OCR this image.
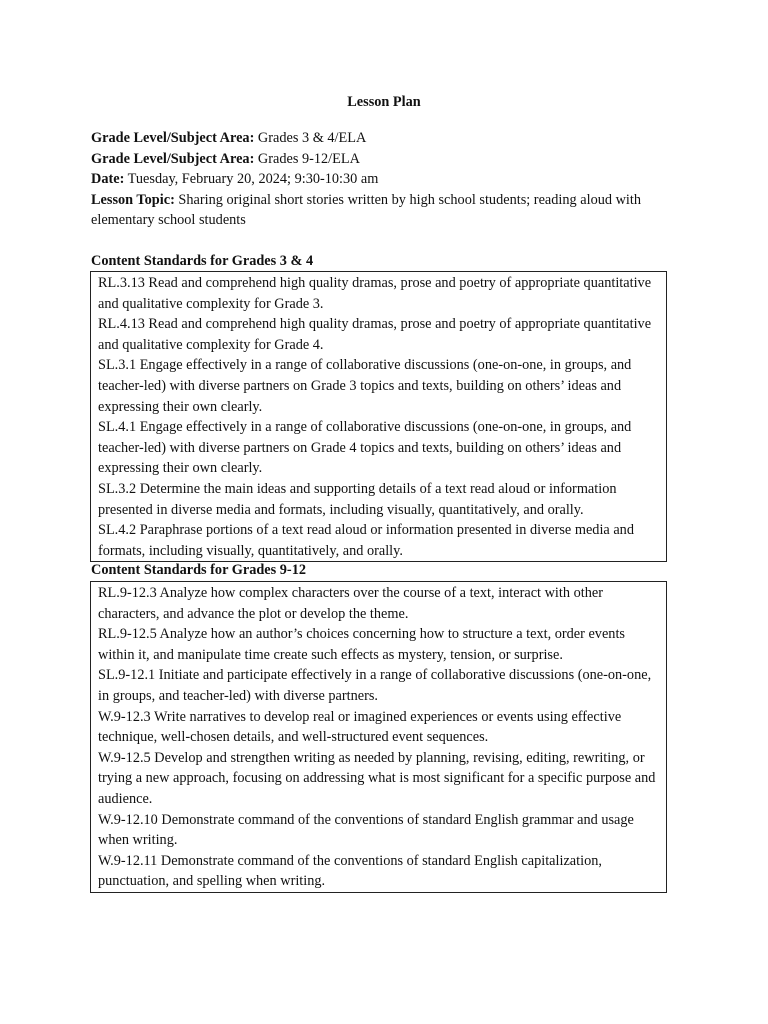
Lesson Plan

Grade Level/Subject Area: Grades 3 & 4/ELA

Grade Level/Subject Area: Grades 9-12/ELA

Date: Tuesday, February 20, 2024; 9:30-10:30 am

Lesson Topic: Sharing original short stories written by high school students; reading aloud with elementary school students

Content Standards for Grades 3 & 4

RL.3.13 Read and comprehend high quality dramas, prose and poetry of appropriate quantitative and qualitative complexity for Grade 3.

RL.4.13 Read and comprehend high quality dramas, prose and poetry of appropriate quantitative and qualitative complexity for Grade 4.

SL.3.1 Engage effectively in a range of collaborative discussions (one-on-one, in groups, and teacher-led) with diverse partners on Grade 3 topics and texts, building on others’ ideas and expressing their own clearly.

SL.4.1 Engage effectively in a range of collaborative discussions (one-on-one, in groups, and teacher-led) with diverse partners on Grade 4 topics and texts, building on others’ ideas and expressing their own clearly.

SL.3.2 Determine the main ideas and supporting details of a text read aloud or information presented in diverse media and formats, including visually, quantitatively, and orally.

SL.4.2 Paraphrase portions of a text read aloud or information presented in diverse media and formats, including visually, quantitatively, and orally.

Content Standards for Grades 9-12

RL.9-12.3 Analyze how complex characters over the course of a text, interact with other characters, and advance the plot or develop the theme.

RL.9-12.5 Analyze how an author’s choices concerning how to structure a text, order events within it, and manipulate time create such effects as mystery, tension, or surprise.

SL.9-12.1 Initiate and participate effectively in a range of collaborative discussions (one-on-one, in groups, and teacher-led) with diverse partners.

W.9-12.3 Write narratives to develop real or imagined experiences or events using effective technique, well-chosen details, and well-structured event sequences.

W.9-12.5 Develop and strengthen writing as needed by planning, revising, editing, rewriting, or trying a new approach, focusing on addressing what is most significant for a specific purpose and audience.

W.9-12.10 Demonstrate command of the conventions of standard English grammar and usage when writing.

W.9-12.11 Demonstrate command of the conventions of standard English capitalization, punctuation, and spelling when writing.
